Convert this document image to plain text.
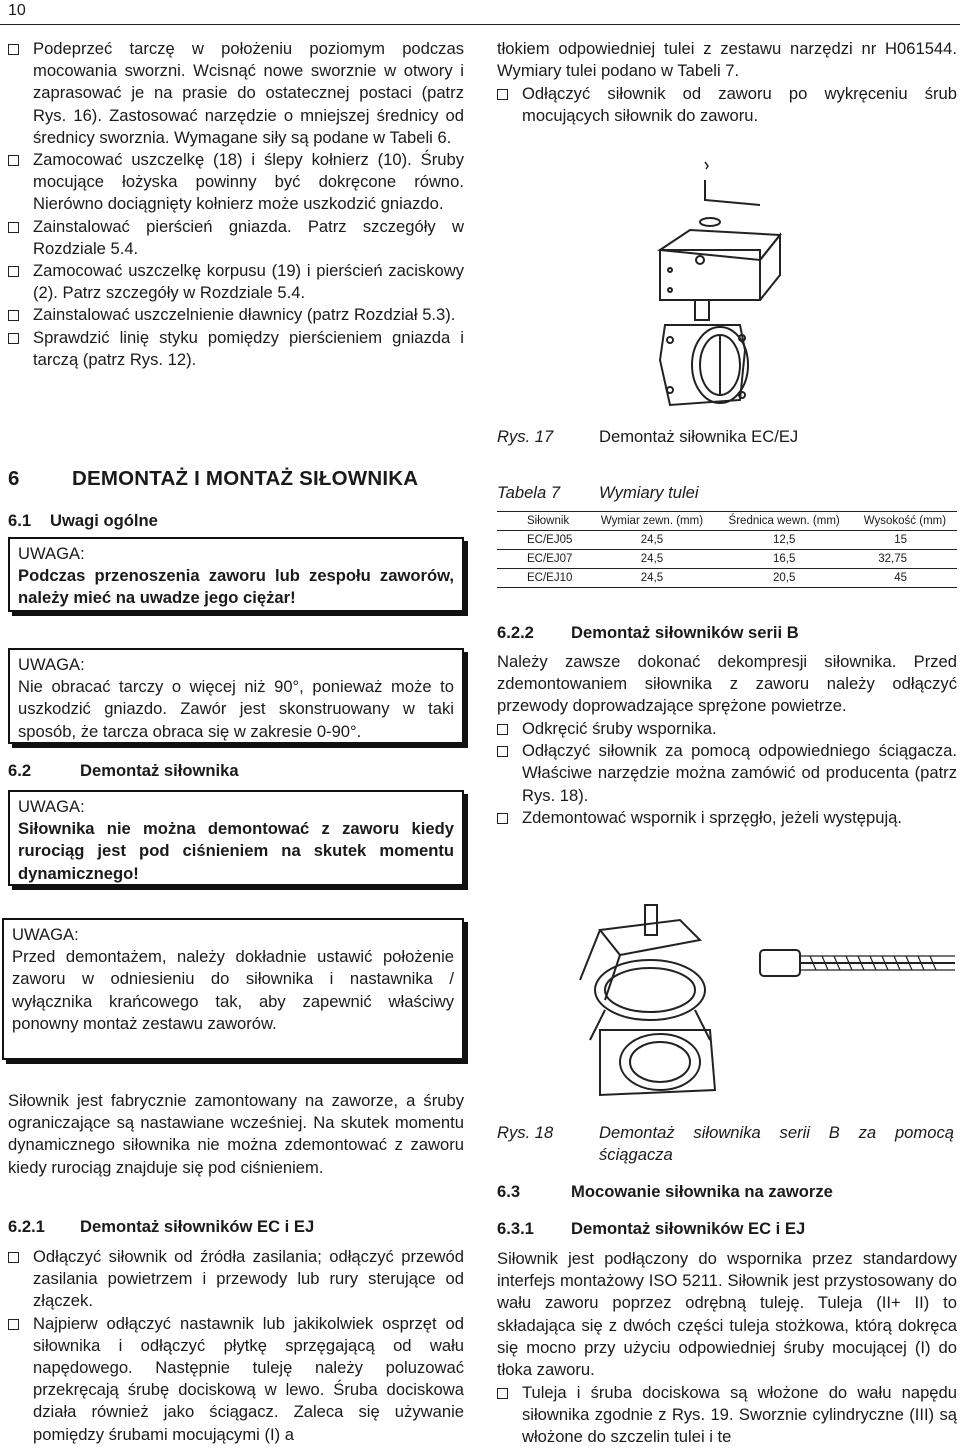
10
Podeprzeć tarczę w położeniu poziomym podczas mocowania sworzni. Wcisnąć nowe sworznie w otwory i zaprasować je na prasie do ostatecznej postaci (patrz Rys. 16). Zastosować narzędzie o mniejszej średnicy od średnicy sworznia. Wymagane siły są podane w Tabeli 6.
Zamocować uszczelkę (18) i ślepy kołnierz (10). Śruby mocujące łożyska powinny być dokręcone równo. Nierówno dociągnięty kołnierz może uszkodzić gniazdo.
Zainstalować pierścień gniazda. Patrz szczegóły w Rozdziale 5.4.
Zamocować uszczelkę korpusu (19) i pierścień zaciskowy (2). Patrz szczegóły w Rozdziale 5.4.
Zainstalować uszczelnienie dławnicy (patrz Rozdział 5.3).
Sprawdzić linię styku pomiędzy pierścieniem gniazda i tarczą (patrz Rys. 12).
6	DEMONTAŻ I MONTAŻ SIŁOWNIKA
6.1 Uwagi ogólne
UWAGA:
Podczas przenoszenia zaworu lub zespołu zaworów, należy mieć na uwadze jego ciężar!
UWAGA:
Nie obracać tarczy o więcej niż 90°, ponieważ może to uszkodzić gniazdo. Zawór jest skonstruowany w taki sposób, że tarcza obraca się w zakresie 0-90°.
6.2	Demontaż siłownika
UWAGA:
Siłownika nie można demontować z zaworu kiedy rurociąg jest pod ciśnieniem na skutek momentu dynamicznego!
UWAGA:
Przed demontażem, należy dokładnie ustawić położenie zaworu w odniesieniu do siłownika i nastawnika / wyłącznika krańcowego tak, aby zapewnić właściwy ponowny montaż zestawu zaworów.
Siłownik jest fabrycznie zamontowany na zaworze, a śruby ograniczające są nastawiane wcześniej. Na skutek momentu dynamicznego siłownika nie można zdemontować z zaworu kiedy rurociąg znajduje się pod ciśnieniem.
6.2.1 Demontaż siłowników EC i EJ
Odłączyć siłownik od źródła zasilania; odłączyć przewód zasilania powietrzem i przewody lub rury sterujące od złączek.
Najpierw odłączyć nastawnik lub jakikolwiek osprzęt od siłownika i odłączyć płytkę sprzęgającą od wału napędowego. Następnie tuleję należy poluzować przekręcają śrubę dociskową w lewo. Śruba dociskowa działa również jako ściągacz. Zaleca się używanie pomiędzy śrubami mocującymi (I) a
tłokiem odpowiedniej tulei z zestawu narzędzi nr H061544. Wymiary tulei podano w Tabeli 7.
Odłączyć siłownik od zaworu po wykręceniu śrub mocujących siłownik do zaworu.
Rys. 17	Demontaż siłownika EC/EJ
Tabela 7 Wymiary tulei
Siłownik	Wymiar zewn. (mm)	Średnica wewn. (mm)	Wysokość (mm)
EC/EJ05	24,5	12,5	15
EC/EJ07	24,5	16,5	32,75
EC/EJ10	24,5	20,5	45
6.2.2 Demontaż siłowników serii B
Należy zawsze dokonać dekompresji siłownika. Przed zdemontowaniem siłownika z zaworu należy odłączyć przewody doprowadzające sprężone powietrze.
Odkręcić śruby wspornika.
Odłączyć siłownik za pomocą odpowiedniego ściągacza. Właściwe narzędzie można zamówić od producenta (patrz Rys. 18).
Zdemontować wspornik i sprzęgło, jeżeli występują.
Rys. 18	Demontaż siłownika serii B za pomocą ściągacza
6.3	Mocowanie siłownika na zaworze
6.3.1 Demontaż siłowników EC i EJ
Siłownik jest podłączony do wspornika przez standardowy interfejs montażowy ISO 5211. Siłownik jest przystosowany do wału zaworu poprzez odrębną tuleję. Tuleja (II+ II) to składająca się z dwóch części tuleja stożkowa, którą dokręca się mocno przy użyciu odpowiedniej śruby mocującej (I) do tłoka zaworu.
Tuleja i śruba dociskowa są włożone do wału napędu siłownika zgodnie z Rys. 19. Sworznie cylindryczne (III) są włożone do szczelin tulei i te
